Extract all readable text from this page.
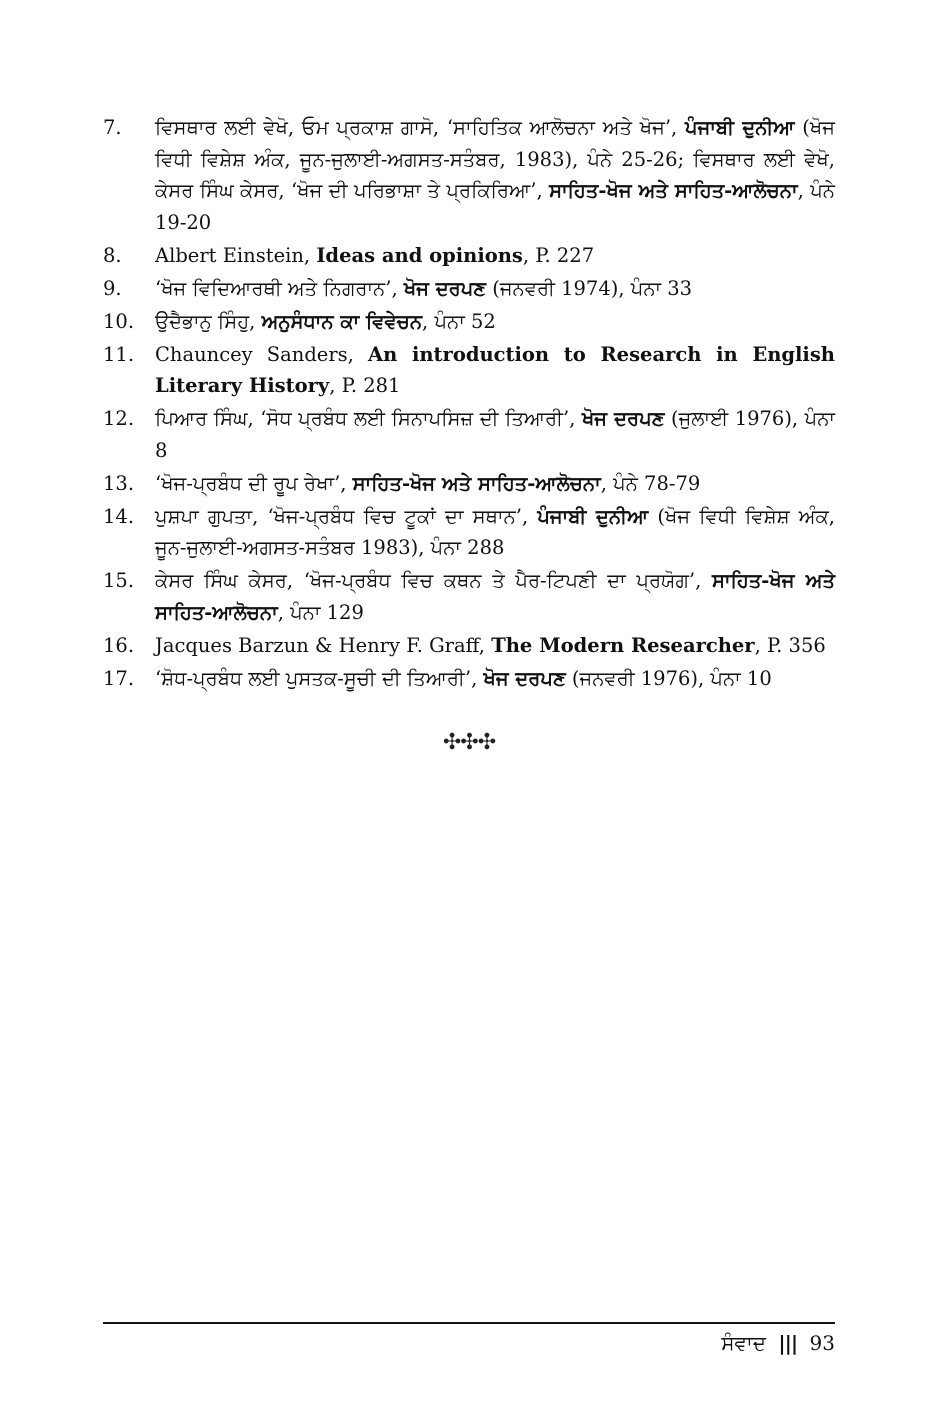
7.	ਵਿਸਥਾਰ ਲਈ ਵੇਖੋ, ਓਮ ਪ੍ਰਕਾਸ਼ ਗਾਸੋ, ‘ਸਾਹਿਤਿਕ ਆਲੋਚਨਾ ਅਤੇ ਖੋਜ’, ਪੰਜਾਬੀ ਦੁਨੀਆ (ਖੋਜ ਵਿਧੀ ਵਿਸ਼ੇਸ਼ ਅੰਕ, ਜੂਨ-ਜੁਲਾਈ-ਅਗਸਤ-ਸਤੰਬਰ, 1983), ਪੰਨੇ 25-26; ਵਿਸਥਾਰ ਲਈ ਵੇਖੋ, ਕੇਸਰ ਸਿੰਘ ਕੇਸਰ, ‘ਖੋਜ ਦੀ ਪਰਿਭਾਸ਼ਾ ਤੇ ਪ੍ਰਕਿਰਿਆ’, ਸਾਹਿਤ-ਖੋਜ ਅਤੇ ਸਾਹਿਤ-ਆਲੋਚਨਾ, ਪੰਨੇ 19-20
8.	Albert Einstein, Ideas and opinions, P. 227
9.	‘ਖੋਜ ਵਿਦਿਆਰਥੀ ਅਤੇ ਨਿਗਰਾਨ’, ਖੋਜ ਦਰਪਣ (ਜਨਵਰੀ 1974), ਪੰਨਾ 33
10.	ਉਦੈਭਾਨੁ ਸਿੰਹੁ, ਅਨੁਸੰਧਾਨ ਕਾ ਵਿਵੇਚਨ, ਪੰਨਾ 52
11.	Chauncey Sanders, An introduction to Research in English Literary History, P. 281
12.	ਪਿਆਰ ਸਿੰਘ, ‘ਸੋਧ ਪ੍ਰਬੰਧ ਲਈ ਸਿਨਾਪਸਿਜ਼ ਦੀ ਤਿਆਰੀ’, ਖੋਜ ਦਰਪਣ (ਜੁਲਾਈ 1976), ਪੰਨਾ 8
13.	‘ਖੋਜ-ਪ੍ਰਬੰਧ ਦੀ ਰੂਪ ਰੇਖਾ’, ਸਾਹਿਤ-ਖੋਜ ਅਤੇ ਸਾਹਿਤ-ਆਲੋਚਨਾ, ਪੰਨੇ 78-79
14.	ਪੁਸ਼ਪਾ ਗੁਪਤਾ, ‘ਖੋਜ-ਪ੍ਰਬੰਧ ਵਿਚ ਟੂਕਾਂ ਦਾ ਸਥਾਨ’, ਪੰਜਾਬੀ ਦੁਨੀਆ (ਖੋਜ ਵਿਧੀ ਵਿਸ਼ੇਸ਼ ਅੰਕ, ਜੂਨ-ਜੁਲਾਈ-ਅਗਸਤ-ਸਤੰਬਰ 1983), ਪੰਨਾ 288
15.	ਕੇਸਰ ਸਿੰਘ ਕੇਸਰ, ‘ਖੋਜ-ਪ੍ਰਬੰਧ ਵਿਚ ਕਥਨ ਤੇ ਪੈਰ-ਟਿਪਣੀ ਦਾ ਪ੍ਰਯੋਗ’, ਸਾਹਿਤ-ਖੋਜ ਅਤੇ ਸਾਹਿਤ-ਆਲੋਚਨਾ, ਪੰਨਾ 129
16.	Jacques Barzun & Henry F. Graff, The Modern Researcher, P. 356
17.	‘ਸ਼ੋਧ-ਪ੍ਰਬੰਧ ਲਈ ਪੁਸਤਕ-ਸੂਚੀ ਦੀ ਤਿਆਰੀ’, ਖੋਜ ਦਰਪਣ (ਜਨਵਰੀ 1976), ਪੰਨਾ 10
✣✣✣
ਸੰਵਾਦ ||| 93
